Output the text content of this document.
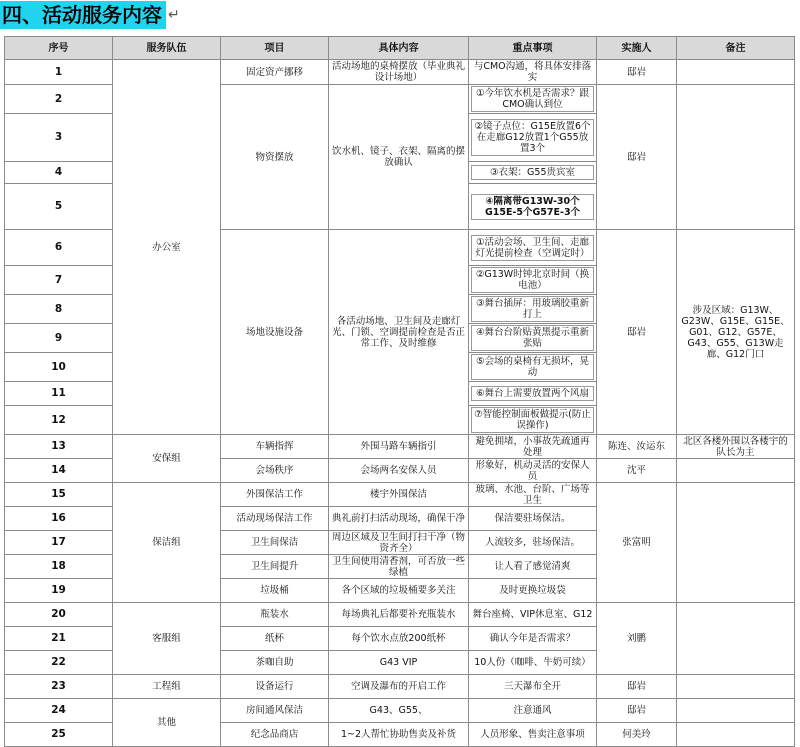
四、活动服务内容 ↵
序号	服务队伍	项目	具体内容	重点事项	实施人	备注
1	办公室	固定资产挪移	活动场地的桌椅摆放（毕业典礼设计场地）	与CMO沟通，将具体安排落实	邸岩	
2		物资摆放	饮水机、镜子、衣架、隔离的摆放确认	①今年饮水机是否需求？跟CMO确认到位	邸岩	
3				②镜子点位：G15E放置6个在走廊G12放置1个G55放置3个		

4				③衣架：G55贵宾室		

5				④隔离带G13W-30个G15E-5个G57E-3个		

6		场地设施设备	各活动场地、卫生间及走廊灯光、门锁、空调提前检查是否正常工作、及时维修	①活动会场、卫生间、走廊灯光提前检查（空调定时）	邸岩	涉及区域：G13W、G23W、G15E、G15E、G01、G12、G57E、G43、G55、G13W走廊、G12门口
7				②G13W时钟北京时间（换电池）		

8				③舞台插屏：用玻璃胶重新打上		

9				④舞台台阶贴黄黑提示重新张贴		

10				⑤会场的桌椅有无损坏，晃动		

11				⑥舞台上需要放置两个风扇		

12				⑦智能控制面板做提示(防止误操作)		

13	安保组	车辆指挥	外围马路车辆指引	避免拥堵，小事故先疏通再处理	陈连、汝运东	北区各楼外围以各楼宇的队长为主
14		会场秩序	会场两名安保人员	形象好，机动灵活的安保人员	沈平	
15	保洁组	外围保洁工作	楼宇外围保洁	玻璃、水池、台阶、广场等卫生	张富明	
16		活动现场保洁工作	典礼前打扫活动现场，确保干净	保洁要驻场保洁。		
17		卫生间保洁	周边区域及卫生间打扫干净（物资齐全）	人流较多，驻场保洁。		
18		卫生间提升	卫生间使用清香剂，可否放一些绿植	让人看了感觉清爽		
19		垃圾桶	各个区域的垃圾桶要多关注	及时更换垃圾袋		
20	客服组	瓶装水	每场典礼后都要补充瓶装水	舞台座椅、VIP休息室、G12	刘鹏	
21		纸杯	每个饮水点放200纸杯	确认今年是否需求？		
22		茶咖自助	G43 VIP	10人份（咖啡、牛奶可续）		
23	工程组	设备运行	空调及瀑布的开启工作	三天瀑布全开	邸岩	
24	其他	房间通风保洁	G43、G55、	注意通风	邸岩	
25		纪念品商店	1~2人帮忙协助售卖及补货	人员形象、售卖注意事项	何美玲	
